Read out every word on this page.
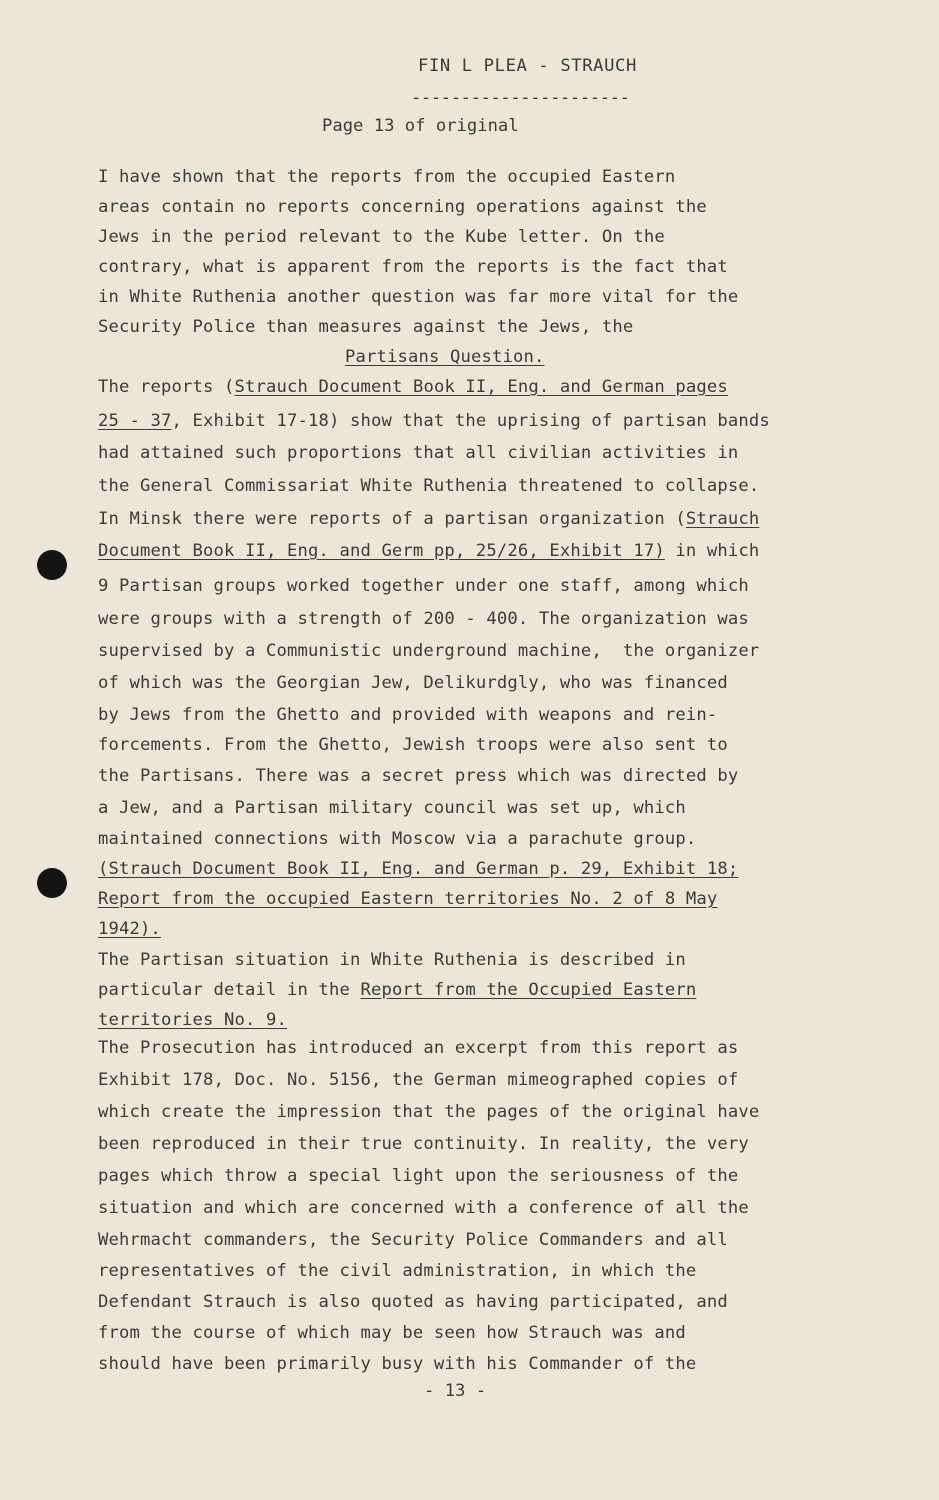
FIN L PLEA - STRAUCH
----------------------
Page 13 of original
I have shown that the reports from the occupied Eastern
areas contain no reports concerning operations against the
Jews in the period relevant to the Kube letter. On the
contrary, what is apparent from the reports is the fact that
in White Ruthenia another question was far more vital for the
Security Police than measures against the Jews, the
Partisans Question.
The reports (Strauch Document Book II, Eng. and German pages
25 - 37, Exhibit 17-18) show that the uprising of partisan bands
had attained such proportions that all civilian activities in
the General Commissariat White Ruthenia threatened to collapse.
In Minsk there were reports of a partisan organization (Strauch
Document Book II, Eng. and Germ pp, 25/26, Exhibit 17) in which
9 Partisan groups worked together under one staff, among which
were groups with a strength of 200 - 400. The organization was
supervised by a Communistic underground machine,  the organizer
of which was the Georgian Jew, Delikurdgly, who was financed
by Jews from the Ghetto and provided with weapons and rein-
forcements. From the Ghetto, Jewish troops were also sent to
the Partisans. There was a secret press which was directed by
a Jew, and a Partisan military council was set up, which
maintained connections with Moscow via a parachute group.
(Strauch Document Book II, Eng. and German p. 29, Exhibit 18;
Report from the occupied Eastern territories No. 2 of 8 May
1942).
The Partisan situation in White Ruthenia is described in
particular detail in the Report from the Occupied Eastern
territories No. 9.
The Prosecution has introduced an excerpt from this report as
Exhibit 178, Doc. No. 5156, the German mimeographed copies of
which create the impression that the pages of the original have
been reproduced in their true continuity. In reality, the very
pages which throw a special light upon the seriousness of the
situation and which are concerned with a conference of all the
Wehrmacht commanders, the Security Police Commanders and all
representatives of the civil administration, in which the
Defendant Strauch is also quoted as having participated, and
from the course of which may be seen how Strauch was and
should have been primarily busy with his Commander of the
- 13 -
